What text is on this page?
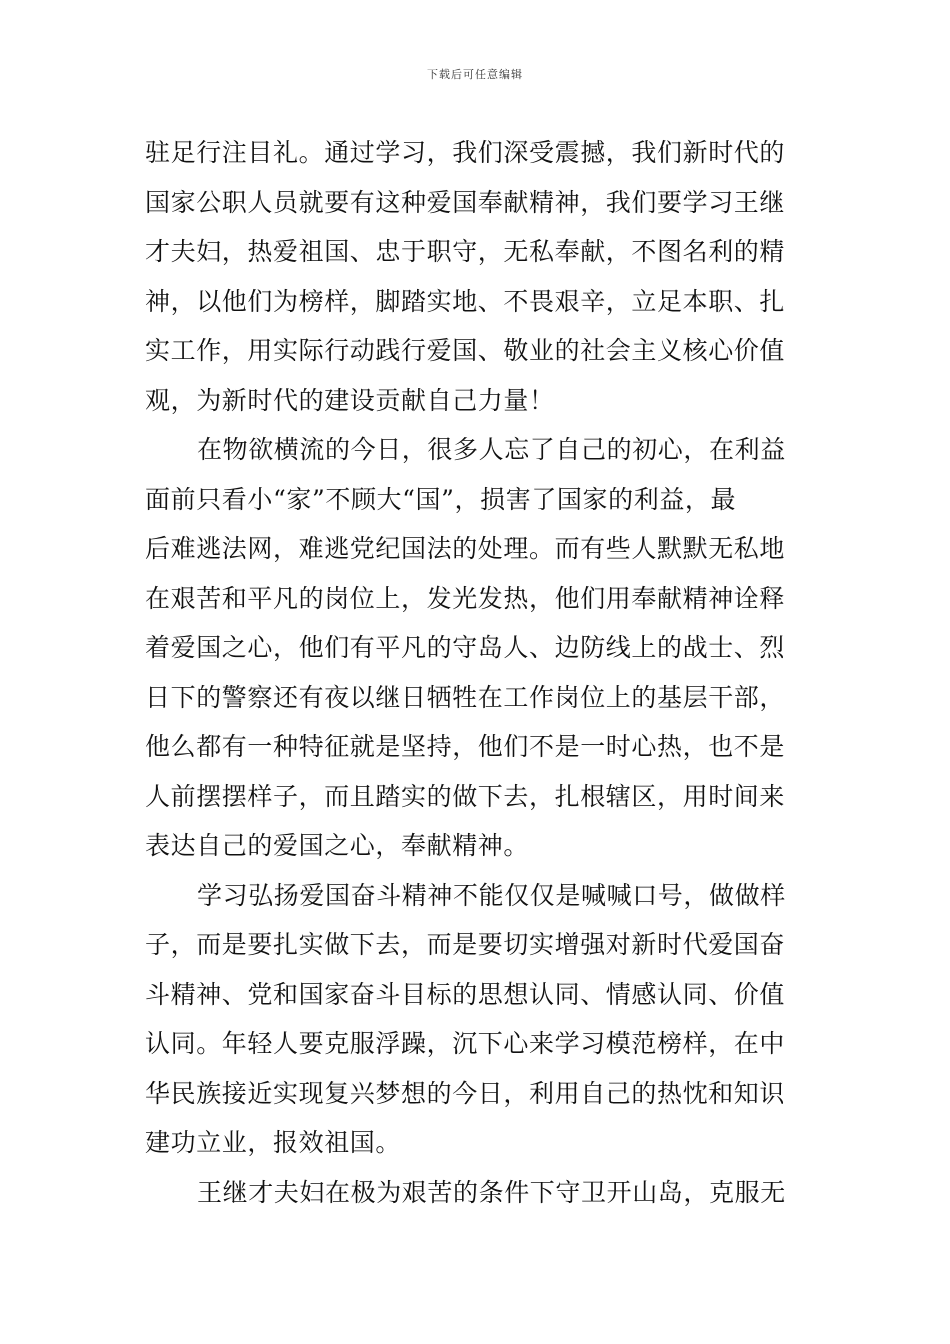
下载后可任意编辑
驻足行注目礼。通过学习，我们深受震撼，我们新时代的
国家公职人员就要有这种爱国奉献精神，我们要学习王继
才夫妇，热爱祖国、忠于职守，无私奉献，不图名利的精
神，以他们为榜样，脚踏实地、不畏艰辛，立足本职、扎
实工作，用实际行动践行爱国、敬业的社会主义核心价值
观，为新时代的建设贡献自己力量！
在物欲横流的今日，很多人忘了自己的初心，在利益
面前只看小“家”不顾大“国”，损害了国家的利益，最
后难逃法网，难逃党纪国法的处理。而有些人默默无私地
在艰苦和平凡的岗位上，发光发热，他们用奉献精神诠释
着爱国之心，他们有平凡的守岛人、边防线上的战士、烈
日下的警察还有夜以继日牺牲在工作岗位上的基层干部，
他么都有一种特征就是坚持，他们不是一时心热，也不是
人前摆摆样子，而且踏实的做下去，扎根辖区，用时间来
表达自己的爱国之心，奉献精神。
学习弘扬爱国奋斗精神不能仅仅是喊喊口号，做做样
子，而是要扎实做下去，而是要切实增强对新时代爱国奋
斗精神、党和国家奋斗目标的思想认同、情感认同、价值
认同。年轻人要克服浮躁，沉下心来学习模范榜样，在中
华民族接近实现复兴梦想的今日，利用自己的热忱和知识
建功立业，报效祖国。
王继才夫妇在极为艰苦的条件下守卫开山岛，克服无
